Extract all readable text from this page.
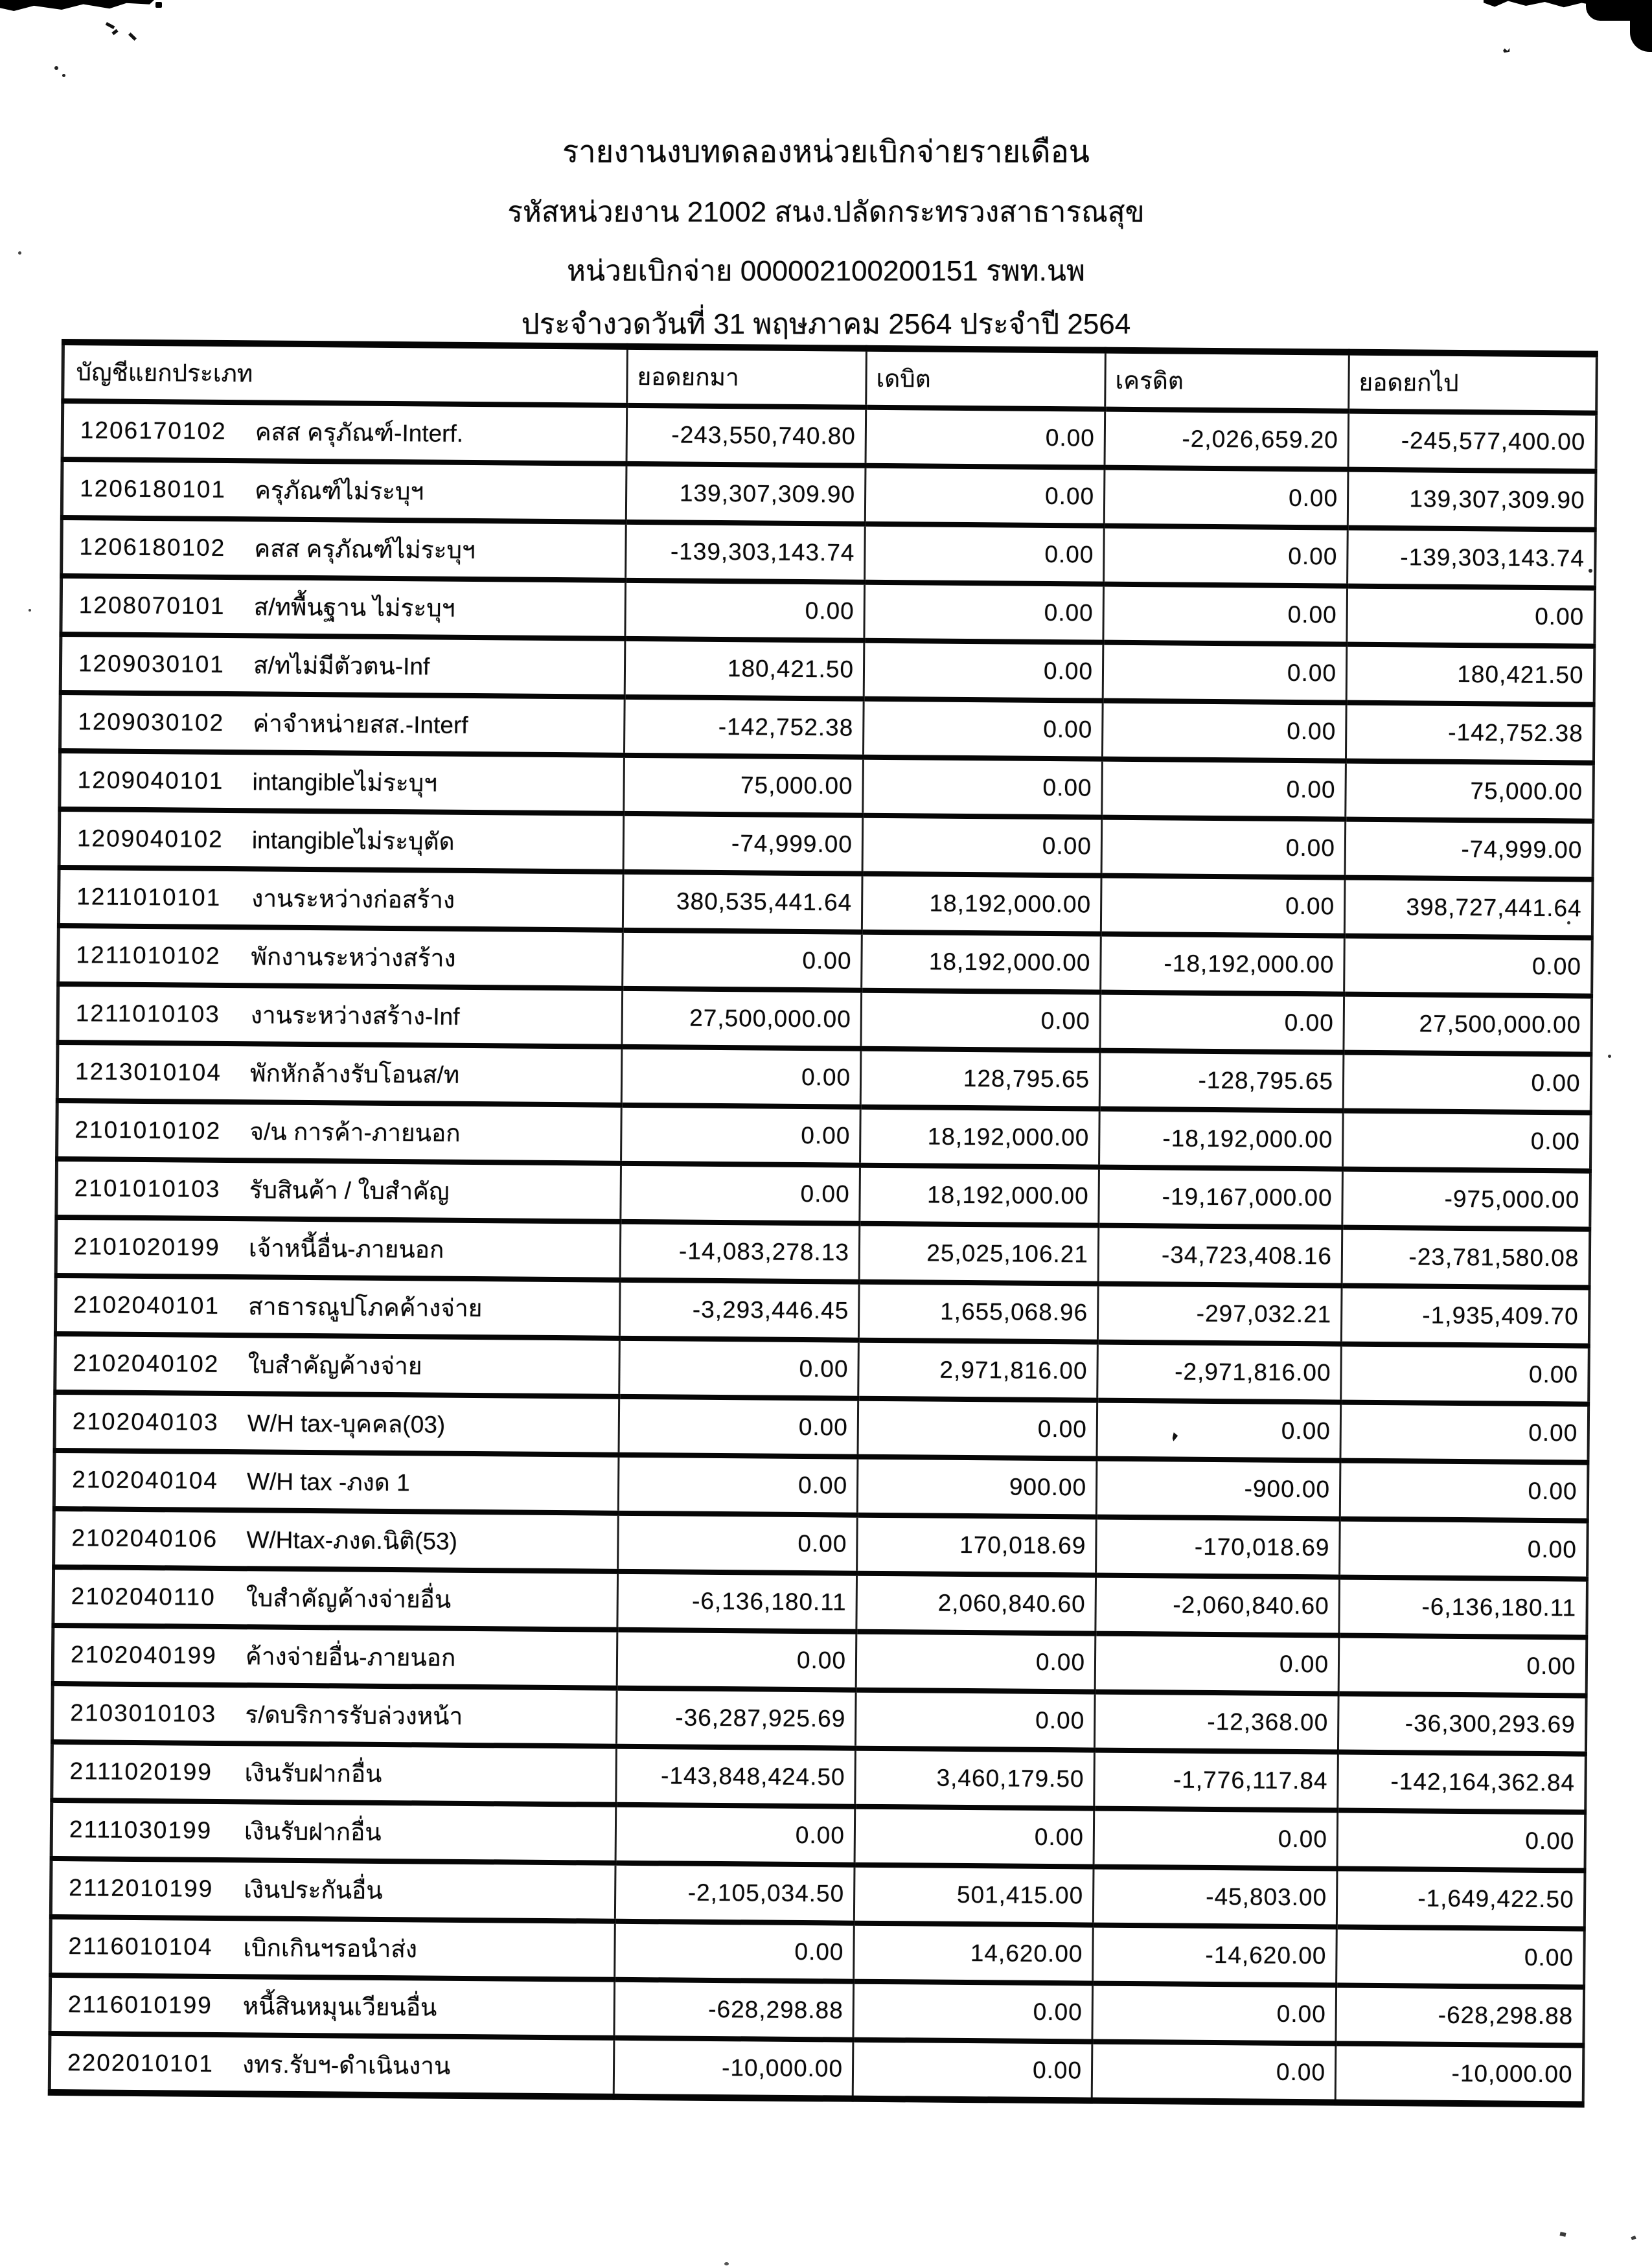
รายงานงบทดลองหน่วยเบิกจ่ายรายเดือน
รหัสหน่วยงาน 21002 สนง.ปลัดกระทรวงสาธารณสุข
หน่วยเบิกจ่าย 000002100200151 รพท.นพ
ประจำงวดวันที่ 31 พฤษภาคม 2564 ประจำปี 2564
บัญชีแยกประเภท	ยอดยกมา	เดบิต	เครดิต	ยอดยกไป

1206170102 คสส ครุภัณฑ์-Interf.	-243,550,740.80	0.00	-2,026,659.20	-245,577,400.00

1206180101 ครุภัณฑ์ไม่ระบุฯ	139,307,309.90	0.00	0.00	139,307,309.90

1206180102 คสส ครุภัณฑ์ไม่ระบุฯ	-139,303,143.74	0.00	0.00	-139,303,143.74

1208070101 ส/ทพื้นฐาน ไม่ระบุฯ	0.00	0.00	0.00	0.00

1209030101 ส/ทไม่มีตัวตน-Inf	180,421.50	0.00	0.00	180,421.50

1209030102 ค่าจำหน่ายสส.-Interf	-142,752.38	0.00	0.00	-142,752.38

1209040101 intangibleไม่ระบุฯ	75,000.00	0.00	0.00	75,000.00

1209040102 intangibleไม่ระบุตัด	-74,999.00	0.00	0.00	-74,999.00

1211010101 งานระหว่างก่อสร้าง	380,535,441.64	18,192,000.00	0.00	398,727,441.64

1211010102 พักงานระหว่างสร้าง	0.00	18,192,000.00	-18,192,000.00	0.00

1211010103 งานระหว่างสร้าง-Inf	27,500,000.00	0.00	0.00	27,500,000.00

1213010104 พักหักล้างรับโอนส/ท	0.00	128,795.65	-128,795.65	0.00

2101010102 จ/น การค้า-ภายนอก	0.00	18,192,000.00	-18,192,000.00	0.00

2101010103 รับสินค้า / ใบสำคัญ	0.00	18,192,000.00	-19,167,000.00	-975,000.00

2101020199 เจ้าหนี้อื่น-ภายนอก	-14,083,278.13	25,025,106.21	-34,723,408.16	-23,781,580.08

2102040101 สาธารณูปโภคค้างจ่าย	-3,293,446.45	1,655,068.96	-297,032.21	-1,935,409.70

2102040102 ใบสำคัญค้างจ่าย	0.00	2,971,816.00	-2,971,816.00	0.00

2102040103 W/H tax-บุคคล(03)	0.00	0.00	0.00	0.00

2102040104 W/H tax -ภงด 1	0.00	900.00	-900.00	0.00

2102040106 W/Htax-ภงด.นิติ(53)	0.00	170,018.69	-170,018.69	0.00

2102040110 ใบสำคัญค้างจ่ายอื่น	-6,136,180.11	2,060,840.60	-2,060,840.60	-6,136,180.11

2102040199 ค้างจ่ายอื่น-ภายนอก	0.00	0.00	0.00	0.00

2103010103 ร/ดบริการรับล่วงหน้า	-36,287,925.69	0.00	-12,368.00	-36,300,293.69

2111020199 เงินรับฝากอื่น	-143,848,424.50	3,460,179.50	-1,776,117.84	-142,164,362.84

2111030199 เงินรับฝากอื่น	0.00	0.00	0.00	0.00

2112010199 เงินประกันอื่น	-2,105,034.50	501,415.00	-45,803.00	-1,649,422.50

2116010104 เบิกเกินฯรอนำส่ง	0.00	14,620.00	-14,620.00	0.00

2116010199 หนี้สินหมุนเวียนอื่น	-628,298.88	0.00	0.00	-628,298.88

2202010101 งทร.รับฯ-ดำเนินงาน	-10,000.00	0.00	0.00	-10,000.00
